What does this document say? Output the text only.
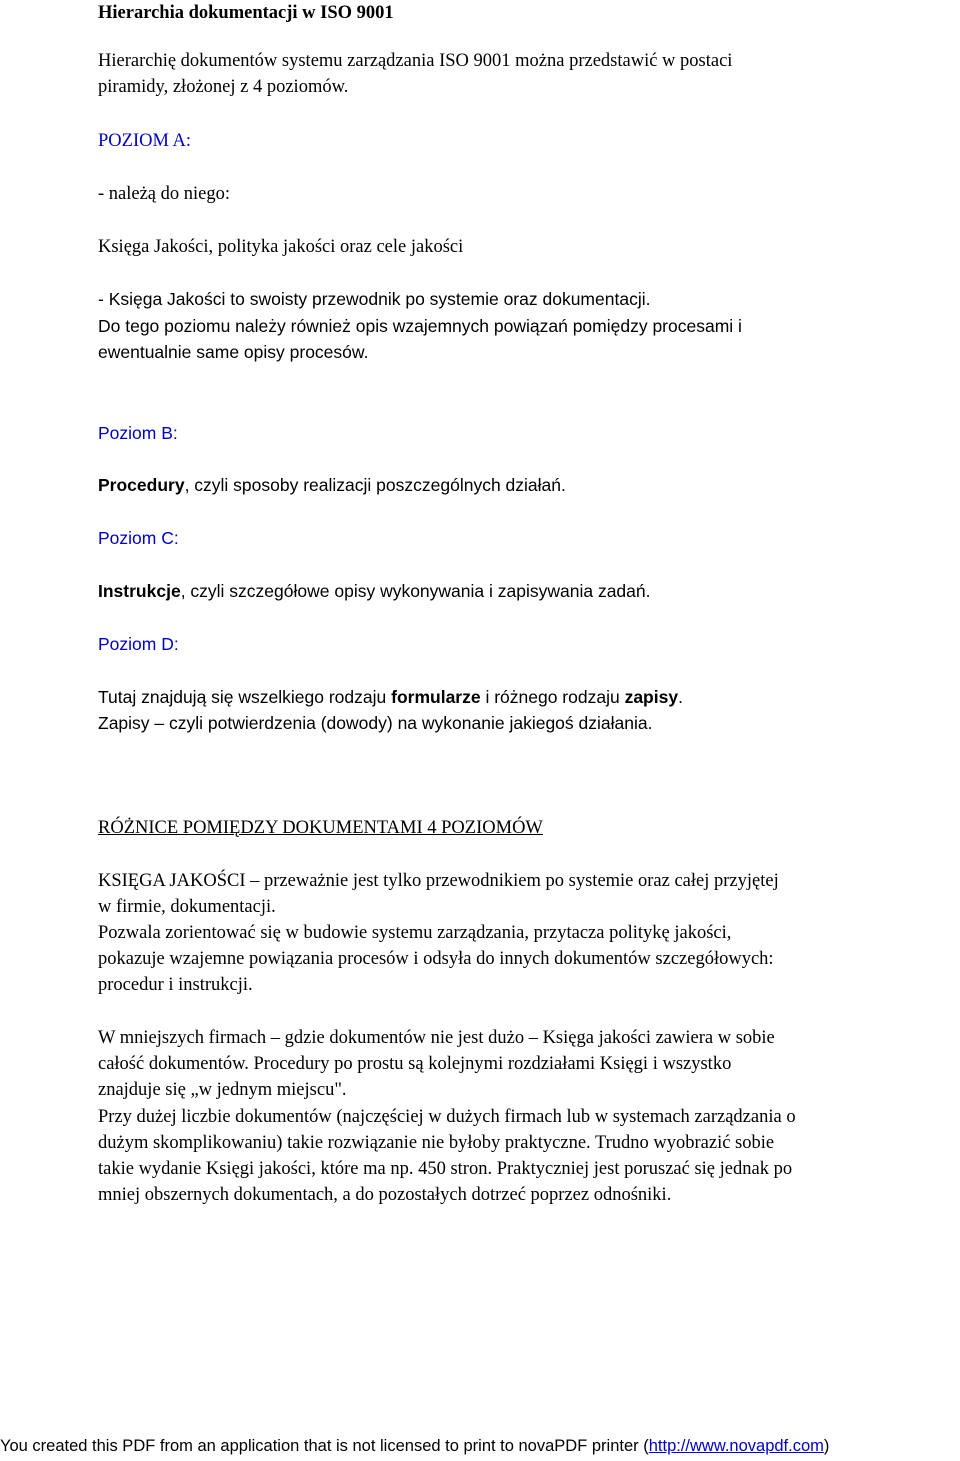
Hierarchia dokumentacji w ISO 9001

Hierarchię dokumentów systemu zarządzania ISO 9001 można przedstawić w postaci

piramidy, złożonej z 4 poziomów.

POZIOM A:

- należą do niego:

Księga Jakości, polityka jakości oraz cele jakości

- Księga Jakości to swoisty przewodnik po systemie oraz dokumentacji.

Do tego poziomu należy również opis wzajemnych powiązań pomiędzy procesami i

ewentualnie same opisy procesów.

Poziom B:

Procedury, czyli sposoby realizacji poszczególnych działań.

Poziom C:

Instrukcje, czyli szczegółowe opisy wykonywania i zapisywania zadań.

Poziom D:

Tutaj znajdują się wszelkiego rodzaju formularze i różnego rodzaju zapisy.

Zapisy – czyli potwierdzenia (dowody) na wykonanie jakiegoś działania.

RÓŻNICE POMIĘDZY DOKUMENTAMI 4 POZIOMÓW

KSIĘGA JAKOŚCI – przeważnie jest tylko przewodnikiem po systemie oraz całej przyjętej

w firmie, dokumentacji.

Pozwala zorientować się w budowie systemu zarządzania, przytacza politykę jakości,

pokazuje wzajemne powiązania procesów i odsyła do innych dokumentów szczegółowych:

procedur i instrukcji.

W mniejszych firmach – gdzie dokumentów nie jest dużo – Księga jakości zawiera w sobie

całość dokumentów. Procedury po prostu są kolejnymi rozdziałami Księgi i wszystko

znajduje się „w jednym miejscu".

Przy dużej liczbie dokumentów (najczęściej w dużych firmach lub w systemach zarządzania o

dużym skomplikowaniu) takie rozwiązanie nie byłoby praktyczne. Trudno wyobrazić sobie

takie wydanie Księgi jakości, które ma np. 450 stron. Praktyczniej jest poruszać się jednak po

mniej obszernych dokumentach, a do pozostałych dotrzeć poprzez odnośniki.

You created this PDF from an application that is not licensed to print to novaPDF printer (http://www.novapdf.com)
